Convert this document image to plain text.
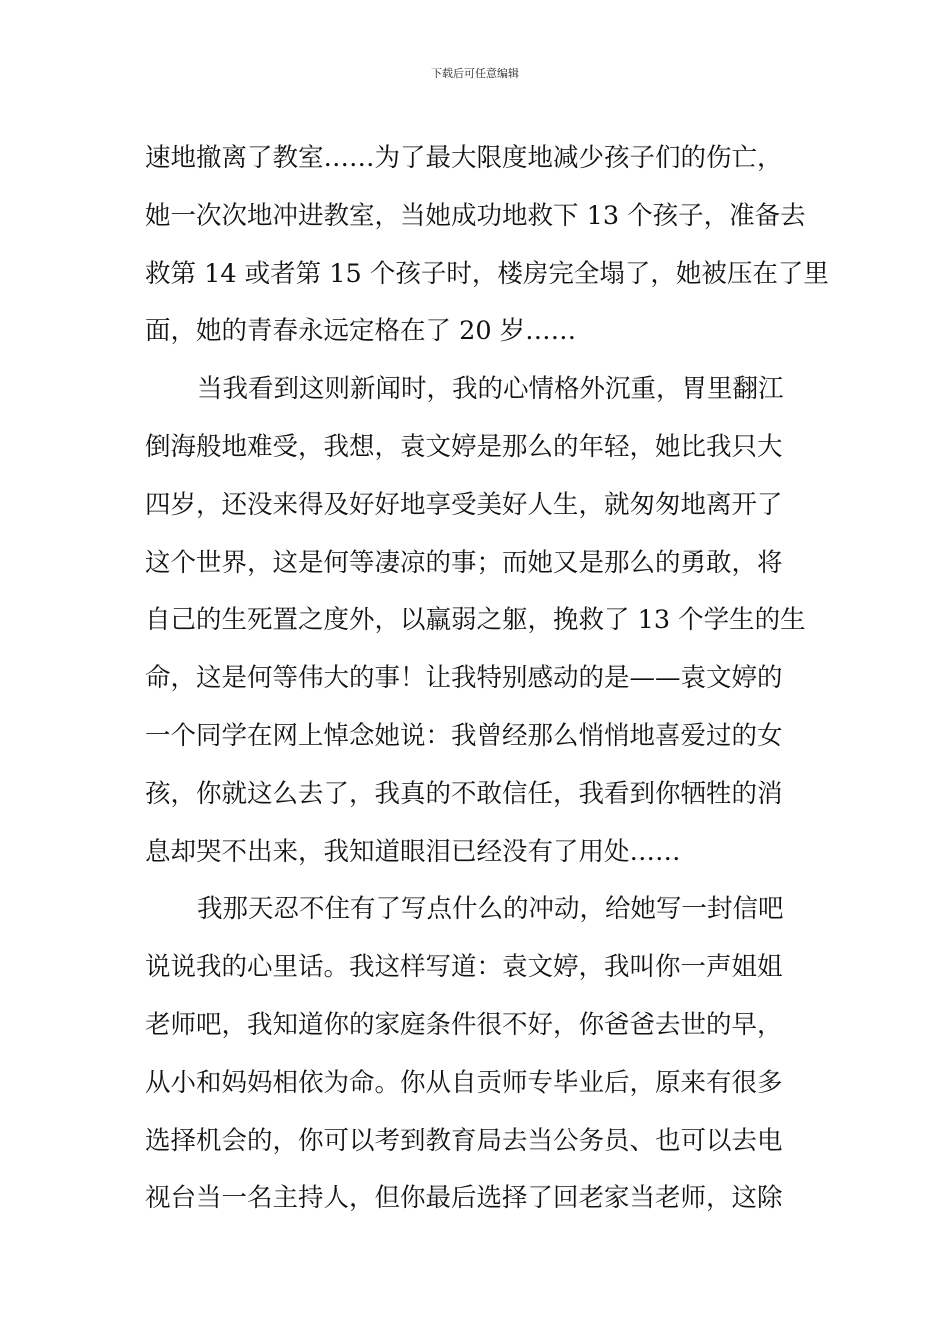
下载后可任意编辑
速地撤离了教室……为了最大限度地减少孩子们的伤亡，
她一次次地冲进教室，当她成功地救下 13 个孩子，准备去
救第 14 或者第 15 个孩子时，楼房完全塌了，她被压在了里
面，她的青春永远定格在了 20 岁……
当我看到这则新闻时，我的心情格外沉重，胃里翻江
倒海般地难受，我想，袁文婷是那么的年轻，她比我只大
四岁，还没来得及好好地享受美好人生，就匆匆地离开了
这个世界，这是何等凄凉的事；而她又是那么的勇敢，将
自己的生死置之度外，以羸弱之躯，挽救了 13 个学生的生
命，这是何等伟大的事！让我特别感动的是——袁文婷的
一个同学在网上悼念她说：我曾经那么悄悄地喜爱过的女
孩，你就这么去了，我真的不敢信任，我看到你牺牲的消
息却哭不出来，我知道眼泪已经没有了用处……
我那天忍不住有了写点什么的冲动，给她写一封信吧
说说我的心里话。我这样写道：袁文婷，我叫你一声姐姐
老师吧，我知道你的家庭条件很不好，你爸爸去世的早，
从小和妈妈相依为命。你从自贡师专毕业后，原来有很多
选择机会的，你可以考到教育局去当公务员、也可以去电
视台当一名主持人，但你最后选择了回老家当老师，这除
